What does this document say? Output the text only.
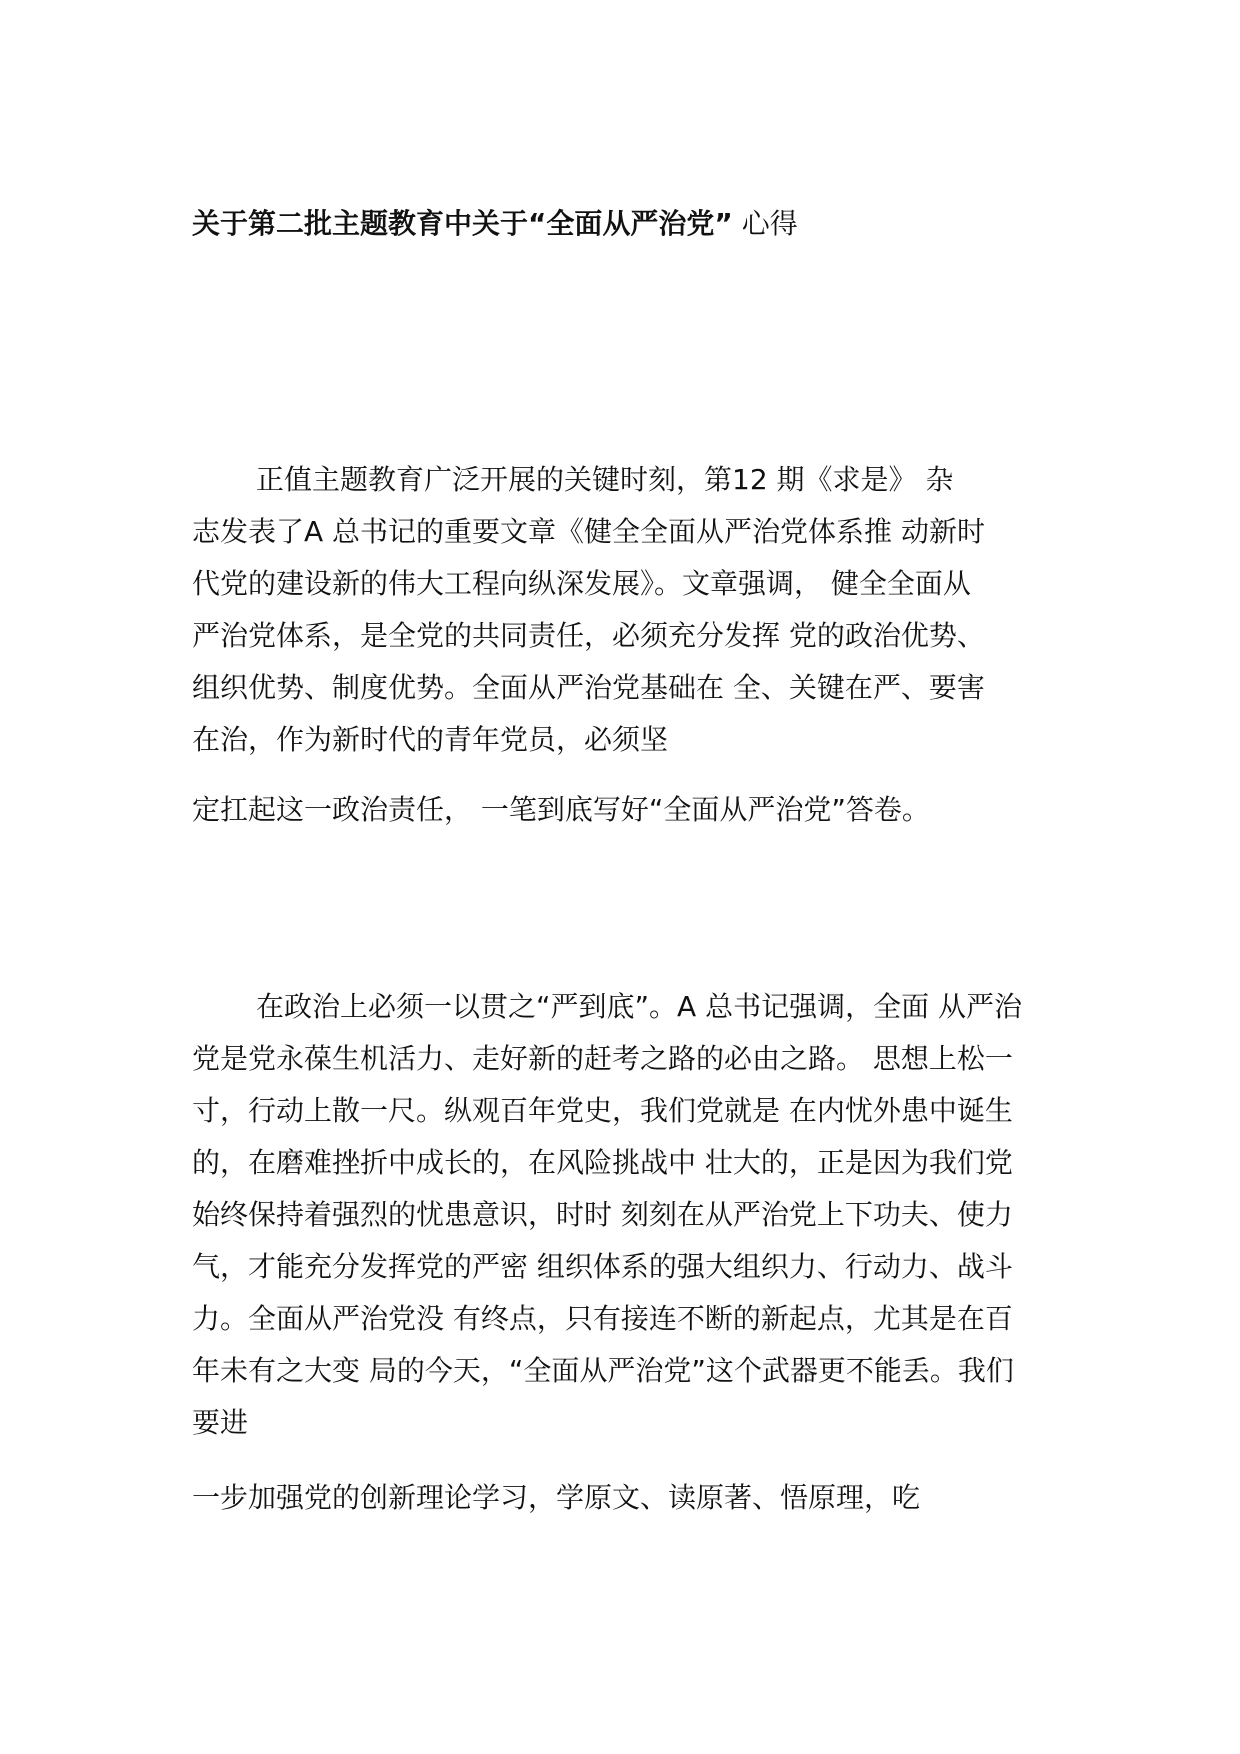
关于第二批主题教育中关于“全面从严治党” 心得

正值主题教育广泛开展的关键时刻，第12 期《求是》 杂

志发表了A 总书记的重要文章《健全全面从严治党体系推 动新时

代党的建设新的伟大工程向纵深发展》。文章强调， 健全全面从

严治党体系，是全党的共同责任，必须充分发挥 党的政治优势、

组织优势、制度优势。全面从严治党基础在 全、关键在严、要害

在治，作为新时代的青年党员，必须坚

定扛起这一政治责任， 一笔到底写好“全面从严治党”答卷。

在政治上必须一以贯之“严到底”。A 总书记强调，全面 从严治

党是党永葆生机活力、走好新的赶考之路的必由之路。 思想上松一

寸，行动上散一尺。纵观百年党史，我们党就是 在内忧外患中诞生

的，在磨难挫折中成长的，在风险挑战中 壮大的，正是因为我们党

始终保持着强烈的忧患意识，时时 刻刻在从严治党上下功夫、使力

气，才能充分发挥党的严密 组织体系的强大组织力、行动力、战斗

力。全面从严治党没 有终点，只有接连不断的新起点，尤其是在百

年未有之大变 局的今天，“全面从严治党”这个武器更不能丢。我们

要进

一步加强党的创新理论学习，学原文、读原著、悟原理，吃
